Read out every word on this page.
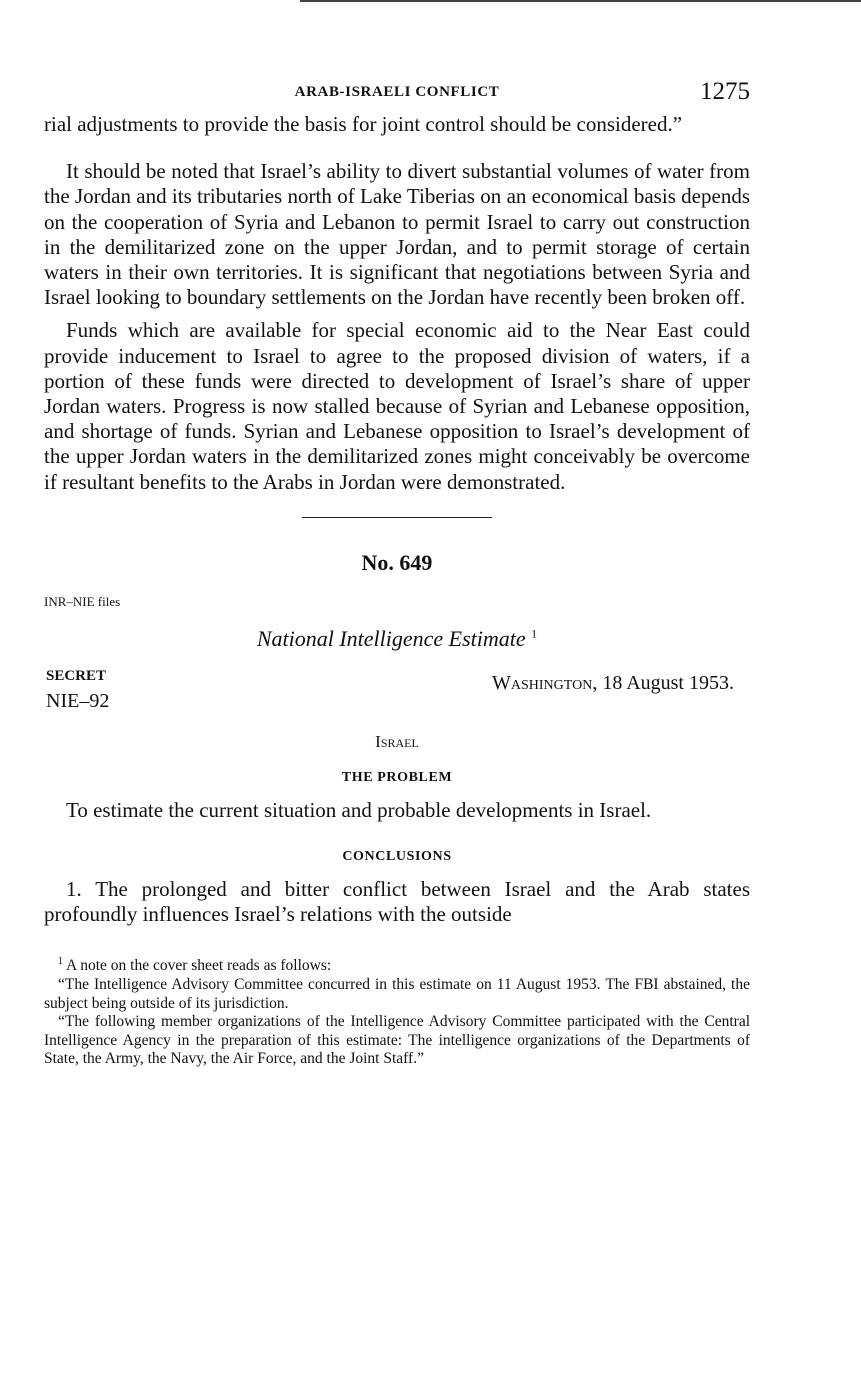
ARAB-ISRAELI CONFLICT	1275

rial adjustments to provide the basis for joint control should be considered.”

It should be noted that Israel’s ability to divert substantial volumes of water from the Jordan and its tributaries north of Lake Tiberias on an economical basis depends on the cooperation of Syria and Lebanon to permit Israel to carry out construction in the demilitarized zone on the upper Jordan, and to permit storage of certain waters in their own territories. It is significant that negotiations between Syria and Israel looking to boundary settlements on the Jordan have recently been broken off.

Funds which are available for special economic aid to the Near East could provide inducement to Israel to agree to the proposed division of waters, if a portion of these funds were directed to development of Israel’s share of upper Jordan waters. Progress is now stalled because of Syrian and Lebanese opposition, and shortage of funds. Syrian and Lebanese opposition to Israel’s development of the upper Jordan waters in the demilitarized zones might conceivably be overcome if resultant benefits to the Arabs in Jordan were demonstrated.

No. 649
INR–NIE files
National Intelligence Estimate $^1$
SECRET
NIE–92
Washington, 18 August 1953.
Israel
THE PROBLEM

To estimate the current situation and probable developments in Israel.

CONCLUSIONS

1. The prolonged and bitter conflict between Israel and the Arab states profoundly influences Israel’s relations with the outside

$^1$ A note on the cover sheet reads as follows:

“The Intelligence Advisory Committee concurred in this estimate on 11 August 1953. The FBI abstained, the subject being outside of its jurisdiction.

“The following member organizations of the Intelligence Advisory Committee participated with the Central Intelligence Agency in the preparation of this estimate: The intelligence organizations of the Departments of State, the Army, the Navy, the Air Force, and the Joint Staff.”
